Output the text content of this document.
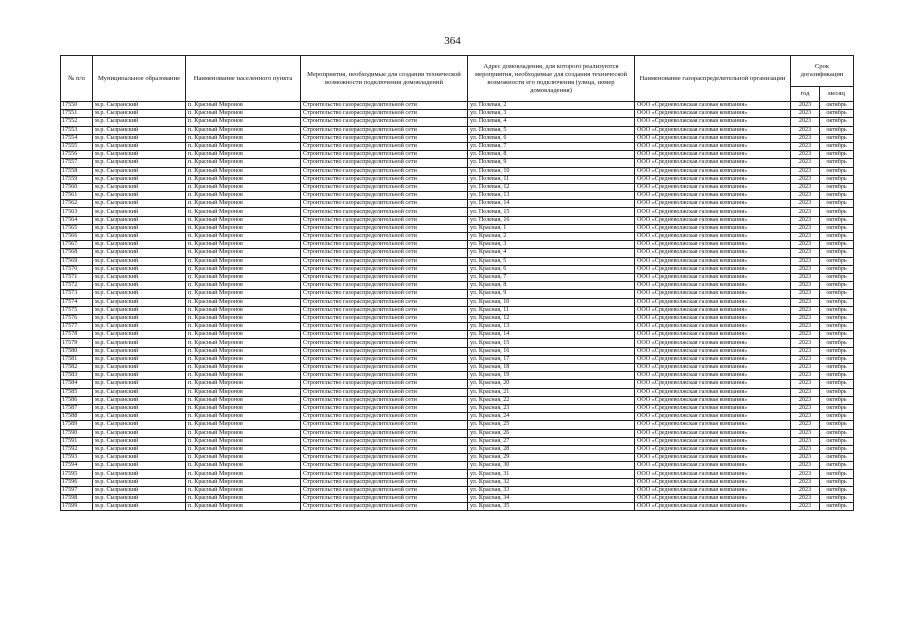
364
№ п/п	Муниципальное образование	Наименование населенного пункта	Мероприятия, необходимые для создания технической возможности подключения домовладений	Адрес домовладения, для которого реализуются мероприятия, необходимые для создания технической возможности его подключения (улица, номер домовладения)	Наименование газораспределительной организации	Срок догазификации	
						год	месяц
17550	м.р. Сызранский	п. Красный Миронов	Строительство газораспределительной сети	ул. Полевая, 2	ООО «Средневолжская газовая компания»	2023	октябрь
17551	м.р. Сызранский	п. Красный Миронов	Строительство газораспределительной сети	ул. Полевая, 3	ООО «Средневолжская газовая компания»	2023	октябрь
17552	м.р. Сызранский	п. Красный Миронов	Строительство газораспределительной сети	ул. Полевая, 4	ООО «Средневолжская газовая компания»	2023	октябрь
17553	м.р. Сызранский	п. Красный Миронов	Строительство газораспределительной сети	ул. Полевая, 5	ООО «Средневолжская газовая компания»	2023	октябрь
17554	м.р. Сызранский	п. Красный Миронов	Строительство газораспределительной сети	ул. Полевая, 6	ООО «Средневолжская газовая компания»	2023	октябрь
17555	м.р. Сызранский	п. Красный Миронов	Строительство газораспределительной сети	ул. Полевая, 7	ООО «Средневолжская газовая компания»	2023	октябрь
17556	м.р. Сызранский	п. Красный Миронов	Строительство газораспределительной сети	ул. Полевая, 8	ООО «Средневолжская газовая компания»	2023	октябрь
17557	м.р. Сызранский	п. Красный Миронов	Строительство газораспределительной сети	ул. Полевая, 9	ООО «Средневолжская газовая компания»	2023	октябрь
17558	м.р. Сызранский	п. Красный Миронов	Строительство газораспределительной сети	ул. Полевая, 10	ООО «Средневолжская газовая компания»	2023	октябрь
17559	м.р. Сызранский	п. Красный Миронов	Строительство газораспределительной сети	ул. Полевая, 11	ООО «Средневолжская газовая компания»	2023	октябрь
17560	м.р. Сызранский	п. Красный Миронов	Строительство газораспределительной сети	ул. Полевая, 12	ООО «Средневолжская газовая компания»	2023	октябрь
17561	м.р. Сызранский	п. Красный Миронов	Строительство газораспределительной сети	ул. Полевая, 13	ООО «Средневолжская газовая компания»	2023	октябрь
17562	м.р. Сызранский	п. Красный Миронов	Строительство газораспределительной сети	ул. Полевая, 14	ООО «Средневолжская газовая компания»	2023	октябрь
17563	м.р. Сызранский	п. Красный Миронов	Строительство газораспределительной сети	ул. Полевая, 15	ООО «Средневолжская газовая компания»	2023	октябрь
17564	м.р. Сызранский	п. Красный Миронов	Строительство газораспределительной сети	ул. Полевая, 16	ООО «Средневолжская газовая компания»	2023	октябрь
17565	м.р. Сызранский	п. Красный Миронов	Строительство газораспределительной сети	ул. Красная, 1	ООО «Средневолжская газовая компания»	2023	октябрь
17566	м.р. Сызранский	п. Красный Миронов	Строительство газораспределительной сети	ул. Красная, 2	ООО «Средневолжская газовая компания»	2023	октябрь
17567	м.р. Сызранский	п. Красный Миронов	Строительство газораспределительной сети	ул. Красная, 3	ООО «Средневолжская газовая компания»	2023	октябрь
17568	м.р. Сызранский	п. Красный Миронов	Строительство газораспределительной сети	ул. Красная, 4	ООО «Средневолжская газовая компания»	2023	октябрь
17569	м.р. Сызранский	п. Красный Миронов	Строительство газораспределительной сети	ул. Красная, 5	ООО «Средневолжская газовая компания»	2023	октябрь
17570	м.р. Сызранский	п. Красный Миронов	Строительство газораспределительной сети	ул. Красная, 6	ООО «Средневолжская газовая компания»	2023	октябрь
17571	м.р. Сызранский	п. Красный Миронов	Строительство газораспределительной сети	ул. Красная, 7	ООО «Средневолжская газовая компания»	2023	октябрь
17572	м.р. Сызранский	п. Красный Миронов	Строительство газораспределительной сети	ул. Красная, 8	ООО «Средневолжская газовая компания»	2023	октябрь
17573	м.р. Сызранский	п. Красный Миронов	Строительство газораспределительной сети	ул. Красная, 9	ООО «Средневолжская газовая компания»	2023	октябрь
17574	м.р. Сызранский	п. Красный Миронов	Строительство газораспределительной сети	ул. Красная, 10	ООО «Средневолжская газовая компания»	2023	октябрь
17575	м.р. Сызранский	п. Красный Миронов	Строительство газораспределительной сети	ул. Красная, 11	ООО «Средневолжская газовая компания»	2023	октябрь
17576	м.р. Сызранский	п. Красный Миронов	Строительство газораспределительной сети	ул. Красная, 12	ООО «Средневолжская газовая компания»	2023	октябрь
17577	м.р. Сызранский	п. Красный Миронов	Строительство газораспределительной сети	ул. Красная, 13	ООО «Средневолжская газовая компания»	2023	октябрь
17578	м.р. Сызранский	п. Красный Миронов	Строительство газораспределительной сети	ул. Красная, 14	ООО «Средневолжская газовая компания»	2023	октябрь
17579	м.р. Сызранский	п. Красный Миронов	Строительство газораспределительной сети	ул. Красная, 15	ООО «Средневолжская газовая компания»	2023	октябрь
17580	м.р. Сызранский	п. Красный Миронов	Строительство газораспределительной сети	ул. Красная, 16	ООО «Средневолжская газовая компания»	2023	октябрь
17581	м.р. Сызранский	п. Красный Миронов	Строительство газораспределительной сети	ул. Красная, 17	ООО «Средневолжская газовая компания»	2023	октябрь
17582	м.р. Сызранский	п. Красный Миронов	Строительство газораспределительной сети	ул. Красная, 18	ООО «Средневолжская газовая компания»	2023	октябрь
17583	м.р. Сызранский	п. Красный Миронов	Строительство газораспределительной сети	ул. Красная, 19	ООО «Средневолжская газовая компания»	2023	октябрь
17584	м.р. Сызранский	п. Красный Миронов	Строительство газораспределительной сети	ул. Красная, 20	ООО «Средневолжская газовая компания»	2023	октябрь
17585	м.р. Сызранский	п. Красный Миронов	Строительство газораспределительной сети	ул. Красная, 21	ООО «Средневолжская газовая компания»	2023	октябрь
17586	м.р. Сызранский	п. Красный Миронов	Строительство газораспределительной сети	ул. Красная, 22	ООО «Средневолжская газовая компания»	2023	октябрь
17587	м.р. Сызранский	п. Красный Миронов	Строительство газораспределительной сети	ул. Красная, 23	ООО «Средневолжская газовая компания»	2023	октябрь
17588	м.р. Сызранский	п. Красный Миронов	Строительство газораспределительной сети	ул. Красная, 24	ООО «Средневолжская газовая компания»	2023	октябрь
17589	м.р. Сызранский	п. Красный Миронов	Строительство газораспределительной сети	ул. Красная, 25	ООО «Средневолжская газовая компания»	2023	октябрь
17590	м.р. Сызранский	п. Красный Миронов	Строительство газораспределительной сети	ул. Красная, 26	ООО «Средневолжская газовая компания»	2023	октябрь
17591	м.р. Сызранский	п. Красный Миронов	Строительство газораспределительной сети	ул. Красная, 27	ООО «Средневолжская газовая компания»	2023	октябрь
17592	м.р. Сызранский	п. Красный Миронов	Строительство газораспределительной сети	ул. Красная, 28	ООО «Средневолжская газовая компания»	2023	октябрь
17593	м.р. Сызранский	п. Красный Миронов	Строительство газораспределительной сети	ул. Красная, 29	ООО «Средневолжская газовая компания»	2023	октябрь
17594	м.р. Сызранский	п. Красный Миронов	Строительство газораспределительной сети	ул. Красная, 30	ООО «Средневолжская газовая компания»	2023	октябрь
17595	м.р. Сызранский	п. Красный Миронов	Строительство газораспределительной сети	ул. Красная, 31	ООО «Средневолжская газовая компания»	2023	октябрь
17596	м.р. Сызранский	п. Красный Миронов	Строительство газораспределительной сети	ул. Красная, 32	ООО «Средневолжская газовая компания»	2023	октябрь
17597	м.р. Сызранский	п. Красный Миронов	Строительство газораспределительной сети	ул. Красная, 33	ООО «Средневолжская газовая компания»	2023	октябрь
17598	м.р. Сызранский	п. Красный Миронов	Строительство газораспределительной сети	ул. Красная, 34	ООО «Средневолжская газовая компания»	2023	октябрь
17599	м.р. Сызранский	п. Красный Миронов	Строительство газораспределительной сети	ул. Красная, 35	ООО «Средневолжская газовая компания»	2023	октябрь
